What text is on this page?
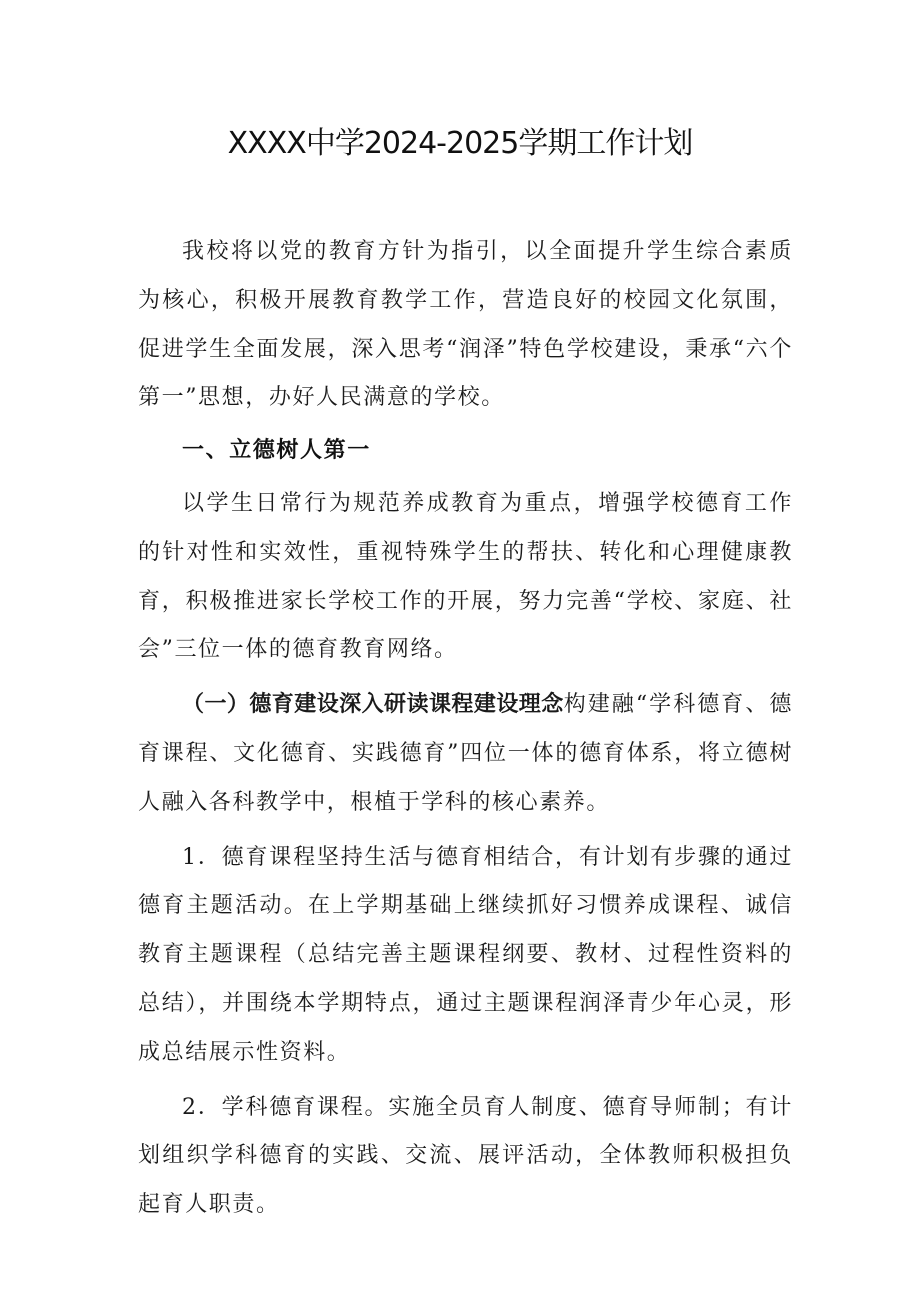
XXXX中学2024-2025学期工作计划

我校将以党的教育方针为指引，以全面提升学生综合素质为核心，积极开展教育教学工作，营造良好的校园文化氛围，促进学生全面发展，深入思考“润泽”特色学校建设，秉承“六个第一”思想，办好人民满意的学校。

一、立德树人第一

以学生日常行为规范养成教育为重点，增强学校德育工作的针对性和实效性，重视特殊学生的帮扶、转化和心理健康教育，积极推进家长学校工作的开展，努力完善“学校、家庭、社会”三位一体的德育教育网络。

（一）德育建设深入研读课程建设理念构建融“学科德育、德育课程、文化德育、实践德育”四位一体的德育体系，将立德树人融入各科教学中，根植于学科的核心素养。

1．德育课程坚持生活与德育相结合，有计划有步骤的通过德育主题活动。在上学期基础上继续抓好习惯养成课程、诚信教育主题课程（总结完善主题课程纲要、教材、过程性资料的总结），并围绕本学期特点，通过主题课程润泽青少年心灵，形成总结展示性资料。

2．学科德育课程。实施全员育人制度、德育导师制；有计划组织学科德育的实践、交流、展评活动，全体教师积极担负起育人职责。
